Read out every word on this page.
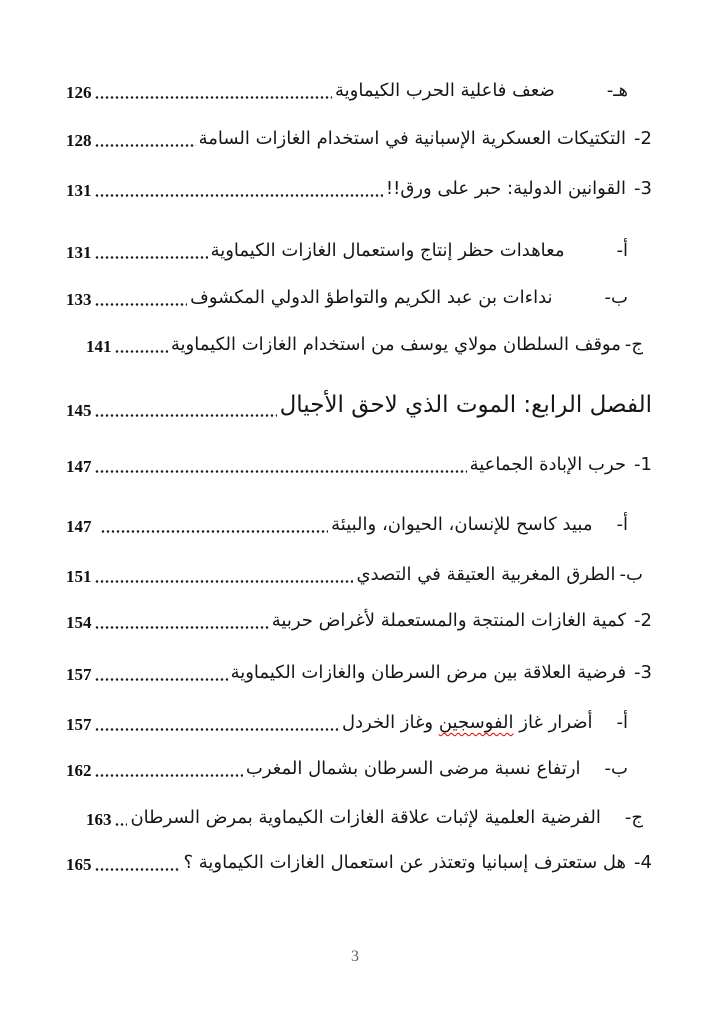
هـ-
ضعف فاعلية الحرب الكيماوية
126
2-
التكتيكات العسكرية الإسبانية في استخدام الغازات السامة
128
3-
القوانين الدولية: حبر على ورق!!
131
أ-
معاهدات حظر إنتاج واستعمال الغازات الكيماوية
131
ب-
نداءات بن عبد الكريم والتواطؤ الدولي المكشوف
133
ج-
موقف السلطان مولاي يوسف من استخدام الغازات الكيماوية
141
الفصل الرابع: الموت الذي لاحق الأجيال
145
1-
حرب الإبادة الجماعية
147
أ-
مبيد كاسح للإنسان، الحيوان، والبيئة
147
ب-
الطرق المغربية العتيقة في التصدي
151
2-
كمية الغازات المنتجة والمستعملة لأغراض حربية
154
3-
فرضية العلاقة بين مرض السرطان والغازات الكيماوية
157
أ-
أضرار غاز الفوسجين وغاز الخردل
157
ب-
ارتفاع نسبة مرضى السرطان بشمال المغرب
162
ج-
الفرضية العلمية لإثبات علاقة الغازات الكيماوية بمرض السرطان
163
4-
هل ستعترف إسبانيا وتعتذر عن استعمال الغازات الكيماوية ؟
165
3
